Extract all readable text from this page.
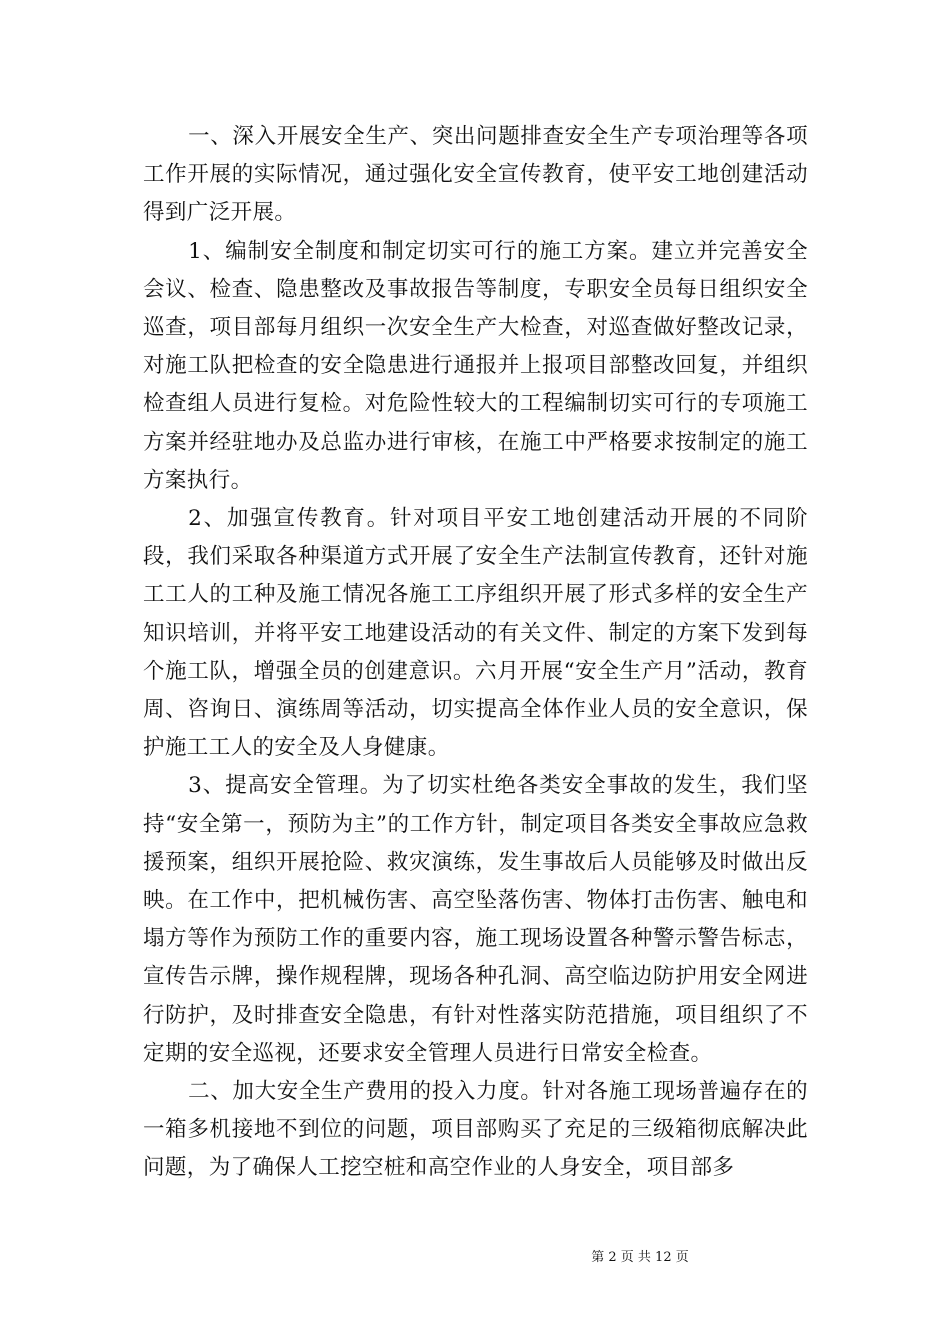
一、深入开展安全生产、突出问题排查安全生产专项治理等各项工作开展的实际情况，通过强化安全宣传教育，使平安工地创建活动得到广泛开展。

1、编制安全制度和制定切实可行的施工方案。建立并完善安全会议、检查、隐患整改及事故报告等制度，专职安全员每日组织安全巡查，项目部每月组织一次安全生产大检查，对巡查做好整改记录，对施工队把检查的安全隐患进行通报并上报项目部整改回复，并组织检查组人员进行复检。对危险性较大的工程编制切实可行的专项施工方案并经驻地办及总监办进行审核，在施工中严格要求按制定的施工方案执行。

2、加强宣传教育。针对项目平安工地创建活动开展的不同阶段，我们采取各种渠道方式开展了安全生产法制宣传教育，还针对施工工人的工种及施工情况各施工工序组织开展了形式多样的安全生产知识培训，并将平安工地建设活动的有关文件、制定的方案下发到每个施工队，增强全员的创建意识。六月开展“安全生产月”活动，教育周、咨询日、演练周等活动，切实提高全体作业人员的安全意识，保护施工工人的安全及人身健康。

3、提高安全管理。为了切实杜绝各类安全事故的发生，我们坚持“安全第一，预防为主”的工作方针，制定项目各类安全事故应急救援预案，组织开展抢险、救灾演练，发生事故后人员能够及时做出反映。在工作中，把机械伤害、高空坠落伤害、物体打击伤害、触电和塌方等作为预防工作的重要内容，施工现场设置各种警示警告标志，宣传告示牌，操作规程牌，现场各种孔洞、高空临边防护用安全网进行防护，及时排查安全隐患，有针对性落实防范措施，项目组织了不定期的安全巡视，还要求安全管理人员进行日常安全检查。

二、加大安全生产费用的投入力度。针对各施工现场普遍存在的一箱多机接地不到位的问题，项目部购买了充足的三级箱彻底解决此问题，为了确保人工挖空桩和高空作业的人身安全，项目部多

第 2 页 共 12 页
